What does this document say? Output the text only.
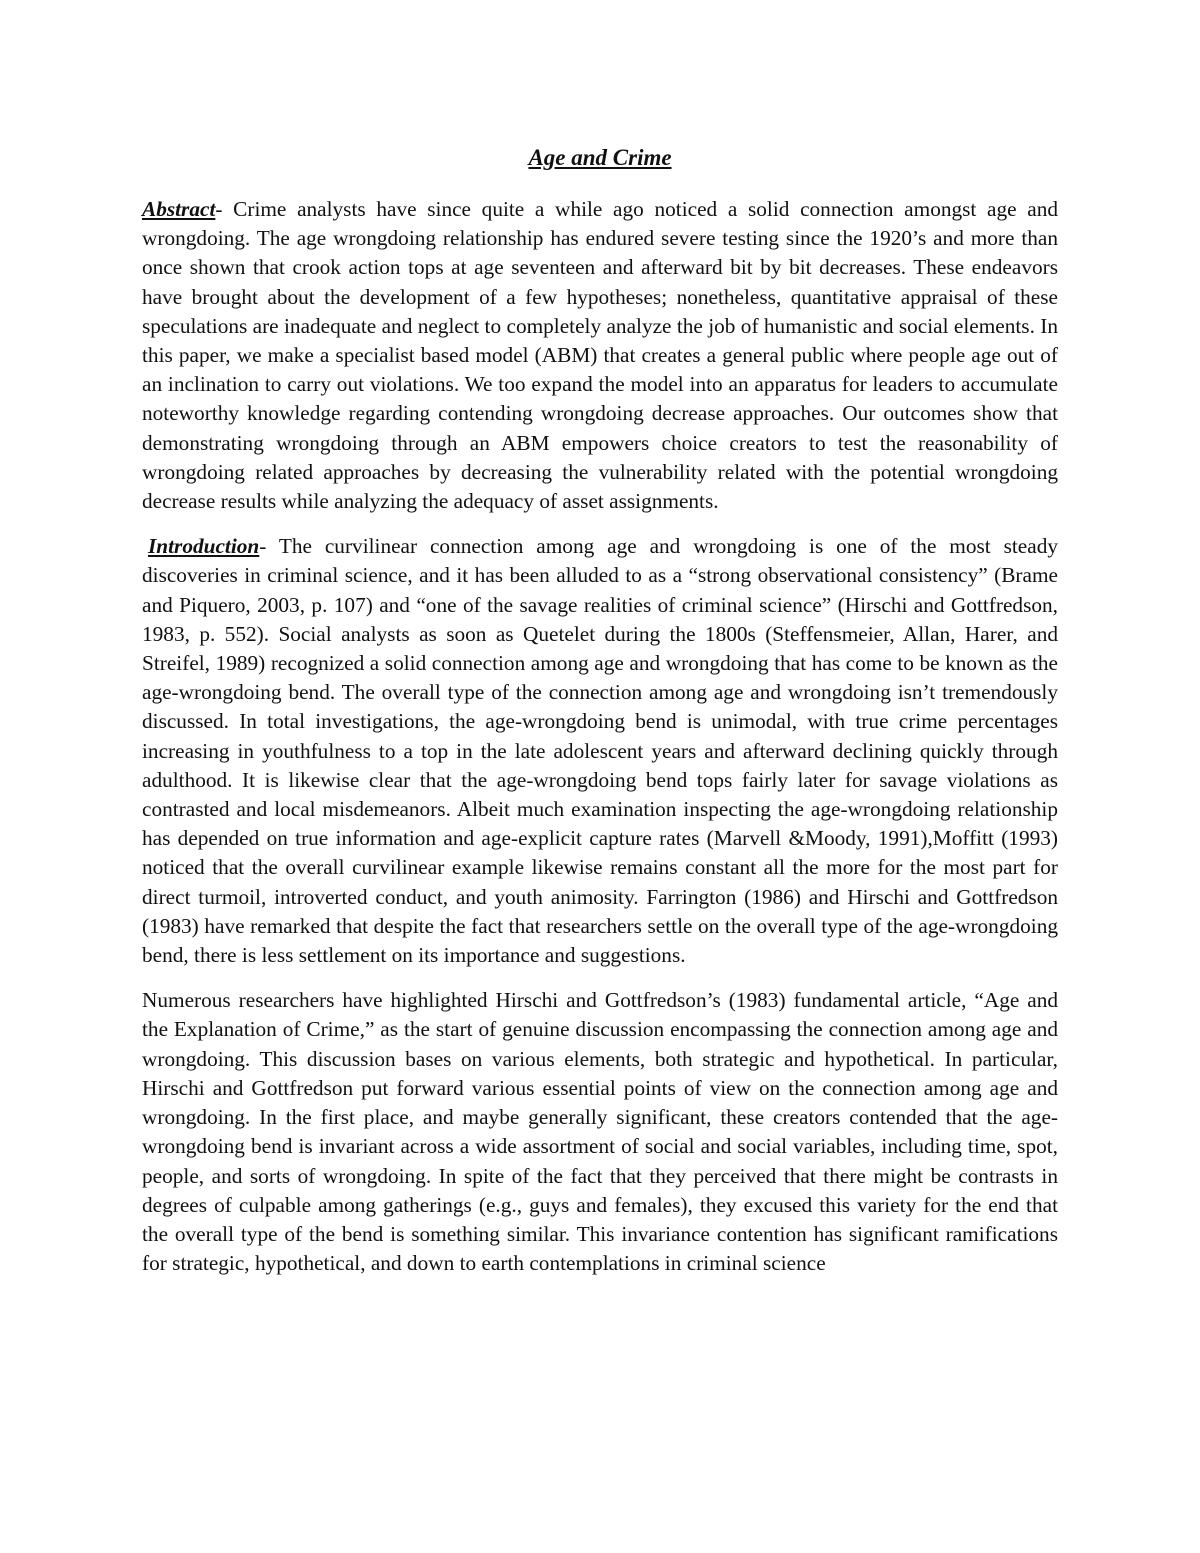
Age and Crime

Abstract- Crime analysts have since quite a while ago noticed a solid connection amongst age and wrongdoing. The age wrongdoing relationship has endured severe testing since the 1920’s and more than once shown that crook action tops at age seventeen and afterward bit by bit decreases. These endeavors have brought about the development of a few hypotheses; nonetheless, quantitative appraisal of these speculations are inadequate and neglect to completely analyze the job of humanistic and social elements. In this paper, we make a specialist based model (ABM) that creates a general public where people age out of an inclination to carry out violations. We too expand the model into an apparatus for leaders to accumulate noteworthy knowledge regarding contending wrongdoing decrease approaches. Our outcomes show that demonstrating wrongdoing through an ABM empowers choice creators to test the reasonability of wrongdoing related approaches by decreasing the vulnerability related with the potential wrongdoing decrease results while analyzing the adequacy of asset assignments.

Introduction- The curvilinear connection among age and wrongdoing is one of the most steady discoveries in criminal science, and it has been alluded to as a “strong observational consistency” (Brame and Piquero, 2003, p. 107) and “one of the savage realities of criminal science” (Hirschi and Gottfredson, 1983, p. 552). Social analysts as soon as Quetelet during the 1800s (Steffensmeier, Allan, Harer, and Streifel, 1989) recognized a solid connection among age and wrongdoing that has come to be known as the age-wrongdoing bend. The overall type of the connection among age and wrongdoing isn’t tremendously discussed. In total investigations, the age-wrongdoing bend is unimodal, with true crime percentages increasing in youthfulness to a top in the late adolescent years and afterward declining quickly through adulthood. It is likewise clear that the age-wrongdoing bend tops fairly later for savage violations as contrasted and local misdemeanors. Albeit much examination inspecting the age-wrongdoing relationship has depended on true information and age-explicit capture rates (Marvell &Moody, 1991),Moffitt (1993) noticed that the overall curvilinear example likewise remains constant all the more for the most part for direct turmoil, introverted conduct, and youth animosity. Farrington (1986) and Hirschi and Gottfredson (1983) have remarked that despite the fact that researchers settle on the overall type of the age-wrongdoing bend, there is less settlement on its importance and suggestions.

Numerous researchers have highlighted Hirschi and Gottfredson’s (1983) fundamental article, “Age and the Explanation of Crime,” as the start of genuine discussion encompassing the connection among age and wrongdoing. This discussion bases on various elements, both strategic and hypothetical. In particular, Hirschi and Gottfredson put forward various essential points of view on the connection among age and wrongdoing. In the first place, and maybe generally significant, these creators contended that the age-wrongdoing bend is invariant across a wide assortment of social and social variables, including time, spot, people, and sorts of wrongdoing. In spite of the fact that they perceived that there might be contrasts in degrees of culpable among gatherings (e.g., guys and females), they excused this variety for the end that the overall type of the bend is something similar. This invariance contention has significant ramifications for strategic, hypothetical, and down to earth contemplations in criminal science
